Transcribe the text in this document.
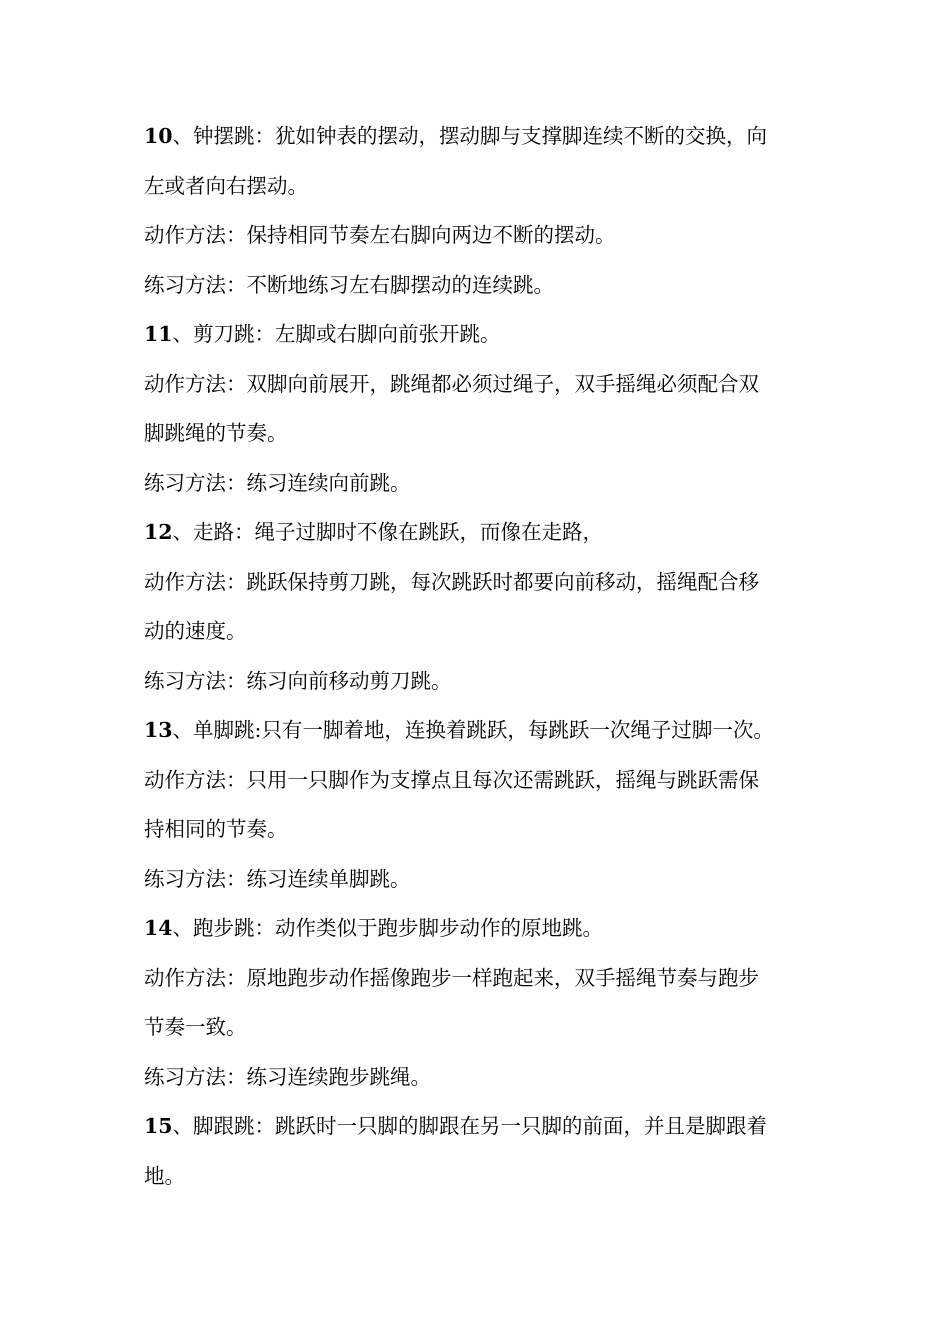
10、钟摆跳：犹如钟表的摆动，摆动脚与支撑脚连续不断的交换，向
左或者向右摆动。
动作方法：保持相同节奏左右脚向两边不断的摆动。
练习方法：不断地练习左右脚摆动的连续跳。
11、剪刀跳：左脚或右脚向前张开跳。
动作方法：双脚向前展开，跳绳都必须过绳子，双手摇绳必须配合双
脚跳绳的节奏。
练习方法：练习连续向前跳。
12、走路：绳子过脚时不像在跳跃，而像在走路，
动作方法：跳跃保持剪刀跳，每次跳跃时都要向前移动，摇绳配合移
动的速度。
练习方法：练习向前移动剪刀跳。
13、单脚跳:只有一脚着地，连换着跳跃，每跳跃一次绳子过脚一次。
动作方法：只用一只脚作为支撑点且每次还需跳跃，摇绳与跳跃需保
持相同的节奏。
练习方法：练习连续单脚跳。
14、跑步跳：动作类似于跑步脚步动作的原地跳。
动作方法：原地跑步动作摇像跑步一样跑起来，双手摇绳节奏与跑步
节奏一致。
练习方法：练习连续跑步跳绳。
15、脚跟跳：跳跃时一只脚的脚跟在另一只脚的前面，并且是脚跟着
地。
